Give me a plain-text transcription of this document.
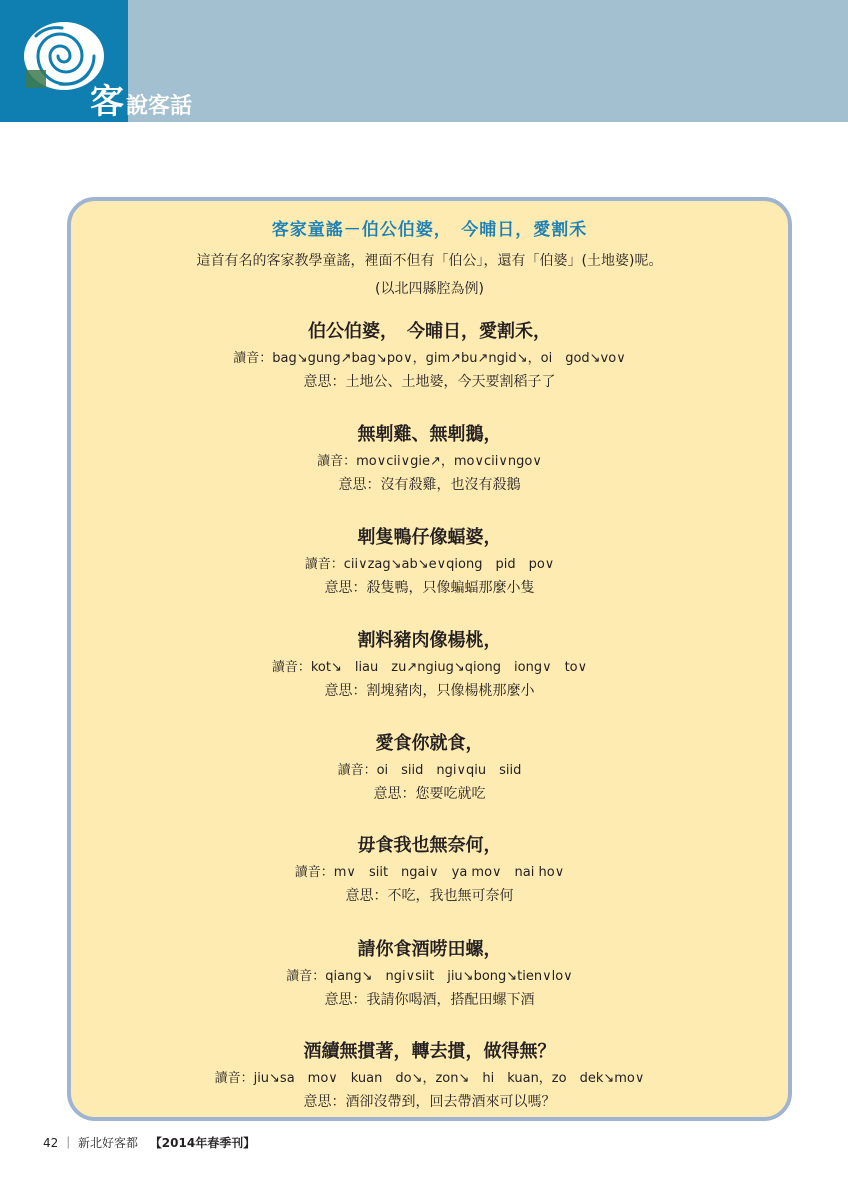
客說客話
客家童謠－伯公伯婆，　今晡日，愛割禾
這首有名的客家教學童謠，裡面不但有「伯公」，還有「伯婆」(土地婆)呢。
(以北四縣腔為例)
伯公伯婆，　今晡日，愛割禾，
讀音：bag↘gung↗bag↘po∨，gim↗bu↗ngid↘，oi　god↘vo∨
意思：土地公、土地婆，今天要割稻子了
無𠜱雞、無𠜱鵝，
讀音：mo∨cii∨gie↗，mo∨cii∨ngo∨
意思：沒有殺雞，也沒有殺鵝
𠜱隻鴨仔像蝠婆，
讀音：cii∨zag↘ab↘e∨qiong　pid　po∨
意思：殺隻鴨，只像蝙蝠那麼小隻
割料豬肉像楊桃，
讀音：kot↘　liau　zu↗ngiug↘qiong　iong∨　to∨
意思：割塊豬肉，只像楊桃那麼小
愛食你就食，
讀音：oi　siid　ngi∨qiu　siid
意思：您要吃就吃
毋食我也無奈何，
讀音：m∨　siit　ngai∨　ya mo∨　nai ho∨
意思：不吃，我也無可奈何
請你食酒唠田螺，
讀音：qiang↘　ngi∨siit　jiu↘bong↘tien∨lo∨
意思：我請你喝酒，搭配田螺下酒
酒續無摜著，轉去摜，做得無？
讀音：jiu↘sa　mo∨　kuan　do↘，zon↘　hi　kuan，zo　dek↘mo∨
意思：酒卻沒帶到，回去帶酒來可以嗎？
42 ｜ 新北好客都 【2014年春季刊】
